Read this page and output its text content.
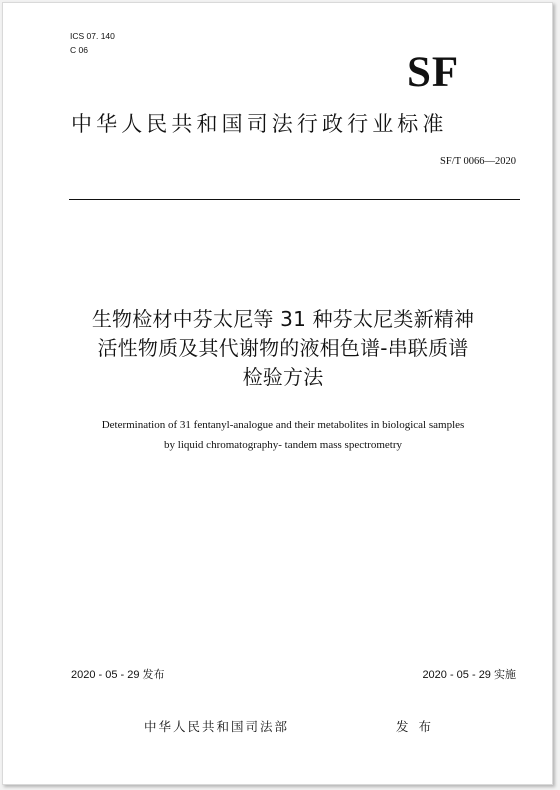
ICS 07. 140
C 06	SF
中华人民共和国司法行政行业标准
SF/T 0066—2020
生物检材中芬太尼等 31 种芬太尼类新精神
活性物质及其代谢物的液相色谱-串联质谱
检验方法
Determination of 31 fentanyl-analogue and their metabolites in biological samples
by liquid chromatography- tandem mass spectrometry
2020 - 05 - 29 发布	2020 - 05 - 29 实施
中华人民共和国司法部	发 布
